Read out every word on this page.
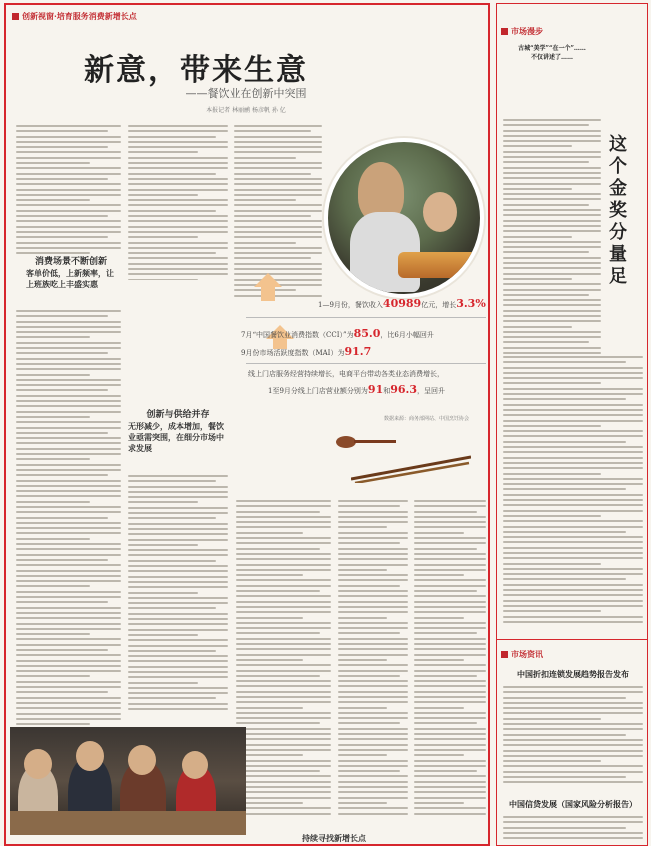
创新视窗·培育服务消费新增长点
新意，带来生意
——餐饮业在创新中突围
本报记者 林丽鹂 杨彦帆 孙 亿
消费场景不断创新
客单价低，上新频率，让上班族吃上丰盛实惠
1—9月份，餐饮收入40989亿元，增长3.3%
7月“中国餐饮业消费指数（CCI）”为85.0，比6月小幅回升
9月份市场活跃度指数（MAI）为91.7
线上门店服务经营持续增长，电商平台带动各类业态消费增长，
1至9月分线上门店营业额分别为91和96.3，呈回升
数据来源：商务部网站、中国烹饪协会
创新与供给并存
无形减少，成本增加，餐饮业亟需突围，在细分市场中求发展
持续寻找新增长点
市场漫步
古城“美学”“在一个”……不仅讲述了……
这
个
金
奖
分
量
足
市场资讯
中国折扣连锁发展趋势报告发布
中国信贷发展（国家风险分析报告）
